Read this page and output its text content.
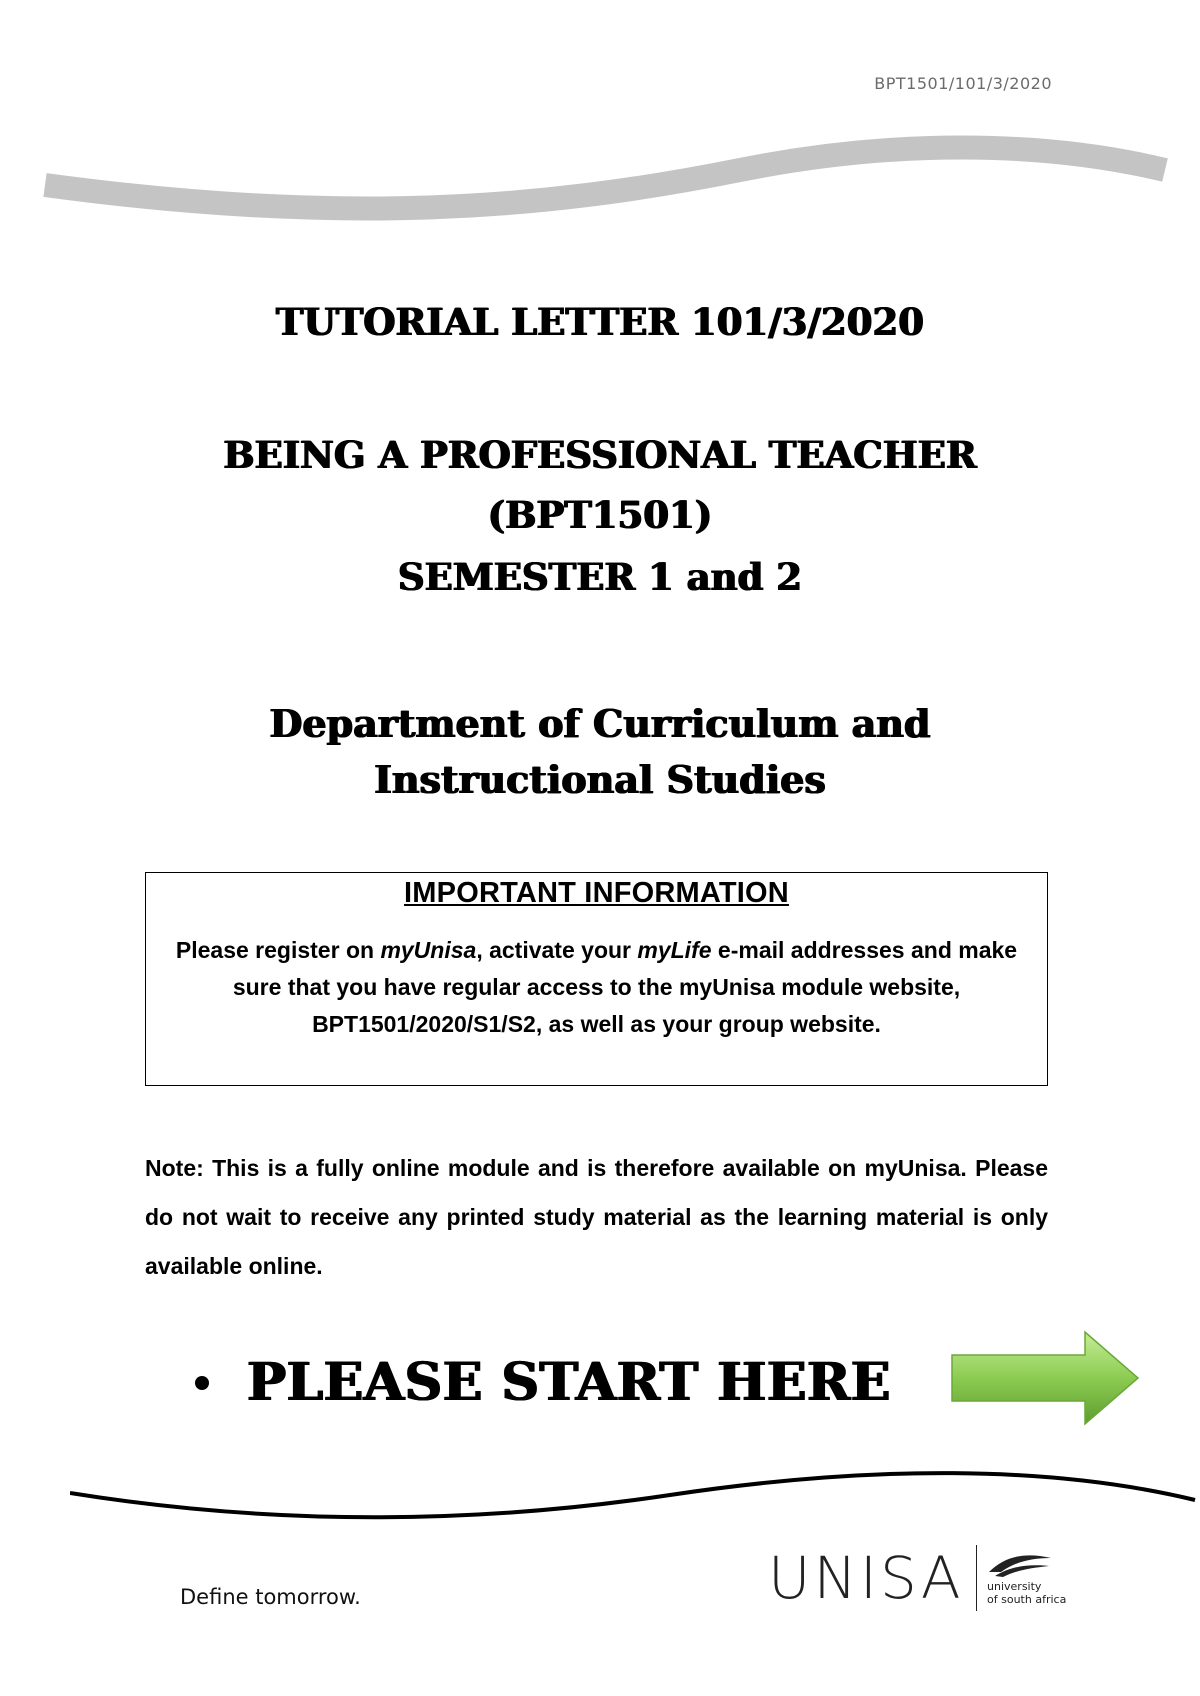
BPT1501/101/3/2020
TUTORIAL LETTER 101/3/2020
BEING A PROFESSIONAL TEACHER
(BPT1501)
SEMESTER 1 and 2
Department of Curriculum and
Instructional Studies
IMPORTANT INFORMATION
Please register on myUnisa, activate your myLife e-mail addresses and make sure that you have regular access to the myUnisa module website, BPT1501/2020/S1/S2, as well as your group website.
Note: This is a fully online module and is therefore available on myUnisa. Please do not wait to receive any printed study material as the learning material is only available online.
PLEASE START HERE
Define tomorrow.	UNISA university
of south africa
